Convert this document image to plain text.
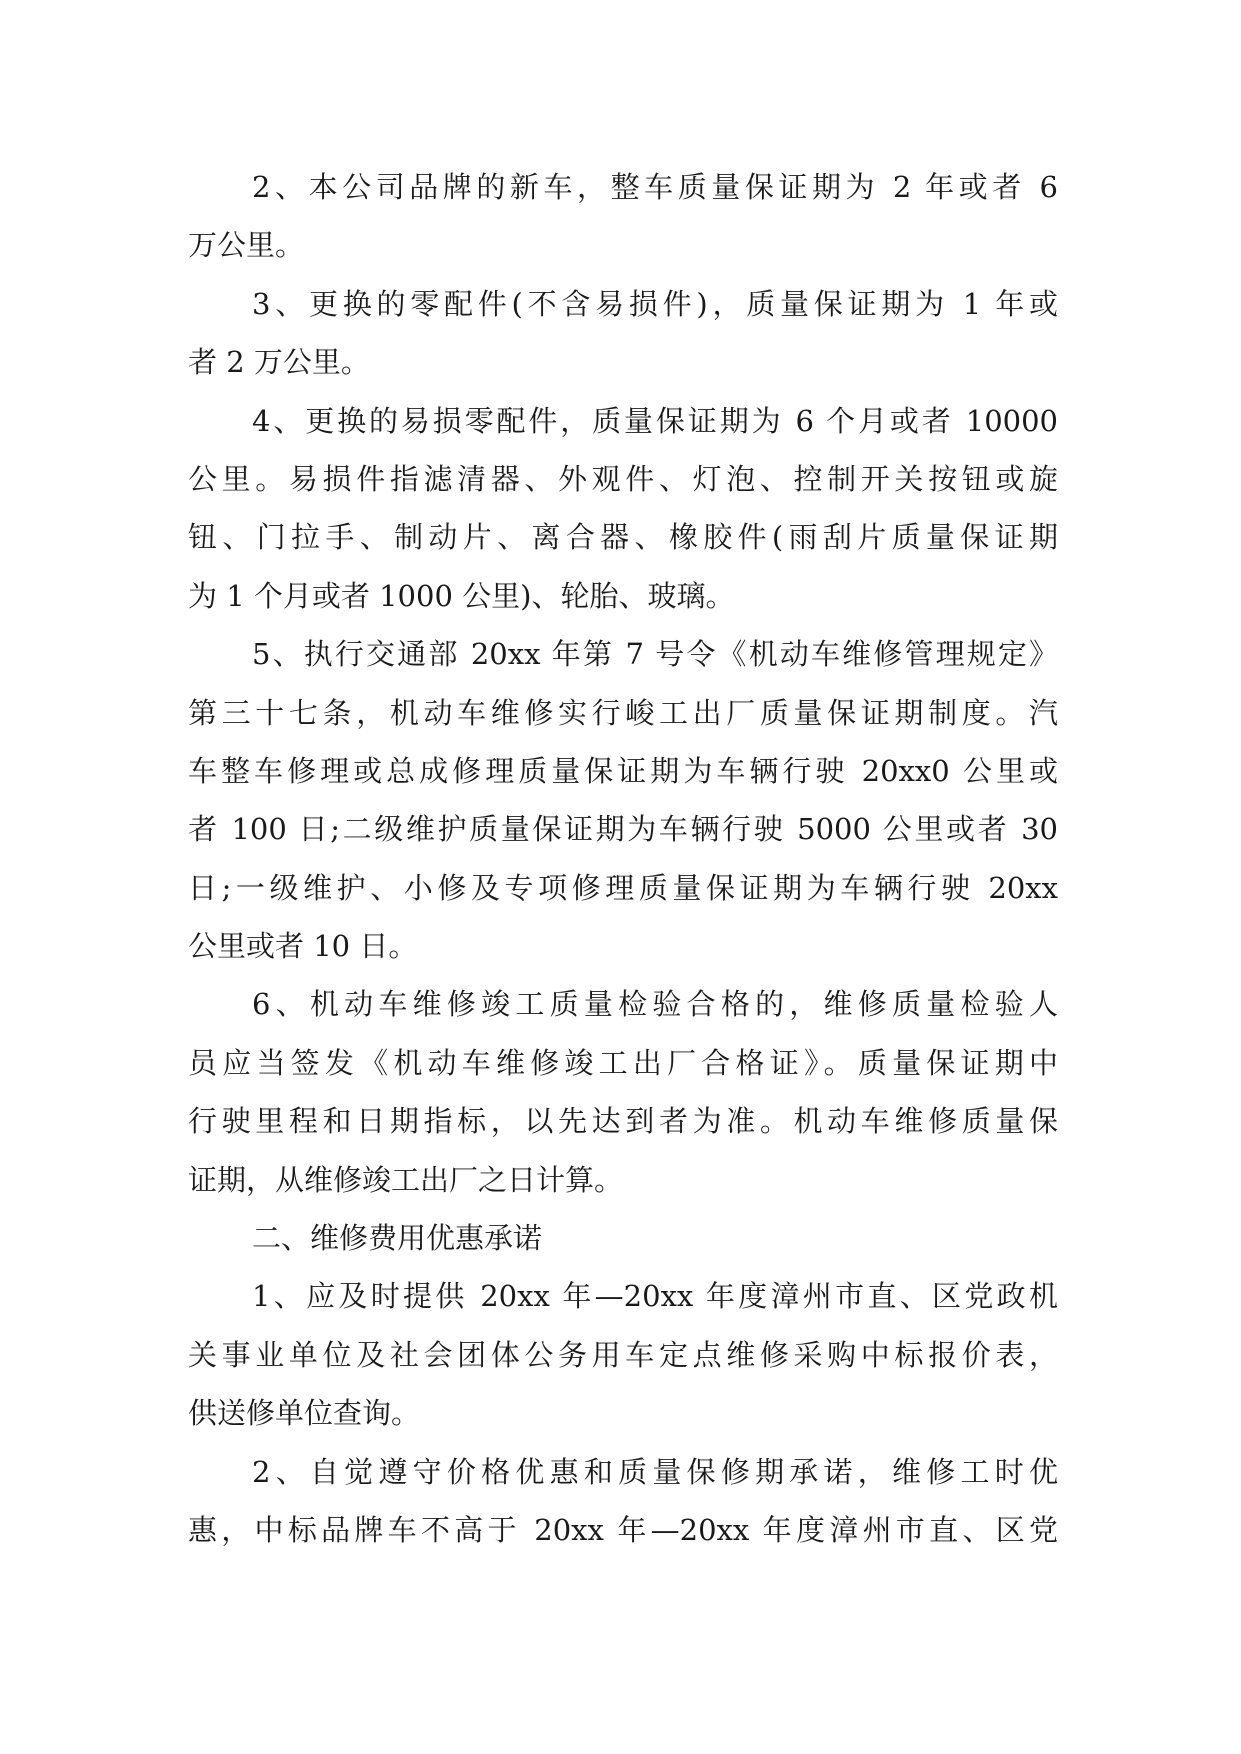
2、本公司品牌的新车，整车质量保证期为 2 年或者 6
万公里。
3、更换的零配件(不含易损件)，质量保证期为 1 年或
者 2 万公里。
4、更换的易损零配件，质量保证期为 6 个月或者 10000
公里。易损件指滤清器、外观件、灯泡、控制开关按钮或旋
钮、门拉手、制动片、离合器、橡胶件(雨刮片质量保证期
为 1 个月或者 1000 公里)、轮胎、玻璃。
5、执行交通部 20xx 年第 7 号令《机动车维修管理规定》
第三十七条，机动车维修实行峻工出厂质量保证期制度。汽
车整车修理或总成修理质量保证期为车辆行驶 20xx0 公里或
者 100 日;二级维护质量保证期为车辆行驶 5000 公里或者 30
日;一级维护、小修及专项修理质量保证期为车辆行驶 20xx
公里或者 10 日。
6、机动车维修竣工质量检验合格的，维修质量检验人
员应当签发《机动车维修竣工出厂合格证》。质量保证期中
行驶里程和日期指标，以先达到者为准。机动车维修质量保
证期，从维修竣工出厂之日计算。
二、维修费用优惠承诺
1、应及时提供 20xx 年—20xx 年度漳州市直、区党政机
关事业单位及社会团体公务用车定点维修采购中标报价表，
供送修单位查询。
2、自觉遵守价格优惠和质量保修期承诺，维修工时优
惠，中标品牌车不高于 20xx 年—20xx 年度漳州市直、区党
